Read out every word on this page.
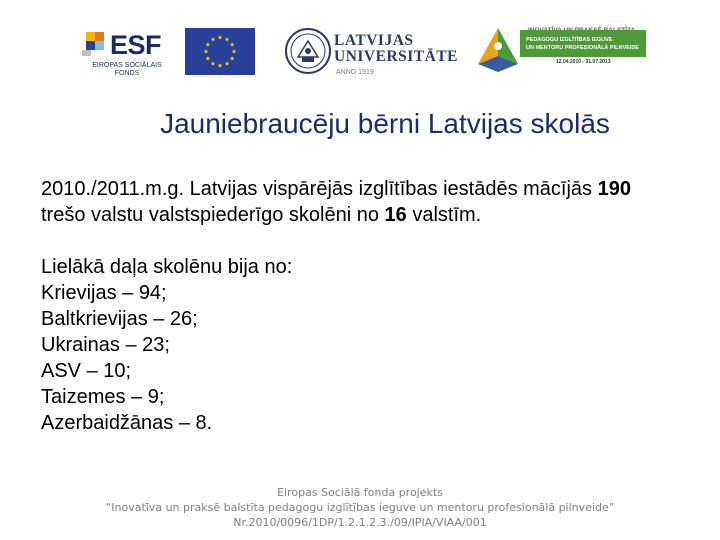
ESF
EIROPAS SOCIĀLAIS
FONDS
LATVIJAS
UNIVERSITĀTE
ANNO 1919
PEDAGOGU IZGLĪTĪBAS IEGUVE
UN MENTORU PROFESIONĀLĀ PILNVEIDE
12.04.2010 - 31.07.2013
Jauniebraucēju bērni Latvijas skolās

2010./2011.m.g. Latvijas vispārējās izglītības iestādēs mācījās 190 trešo valstu valstspiederīgo skolēni no 16 valstīm.

Lielākā daļa skolēnu bija no:
Krievijas – 94;
Baltkrievijas – 26;
Ukrainas – 23;
ASV – 10;
Taizemes – 9;
Azerbaidžānas – 8.
Eiropas Sociālā fonda projekts
“Inovatīva un praksē balstīta pedagogu izglītības ieguve un mentoru profesionālā pilnveide”
Nr.2010/0096/1DP/1.2.1.2.3./09/IPIA/VIAA/001
